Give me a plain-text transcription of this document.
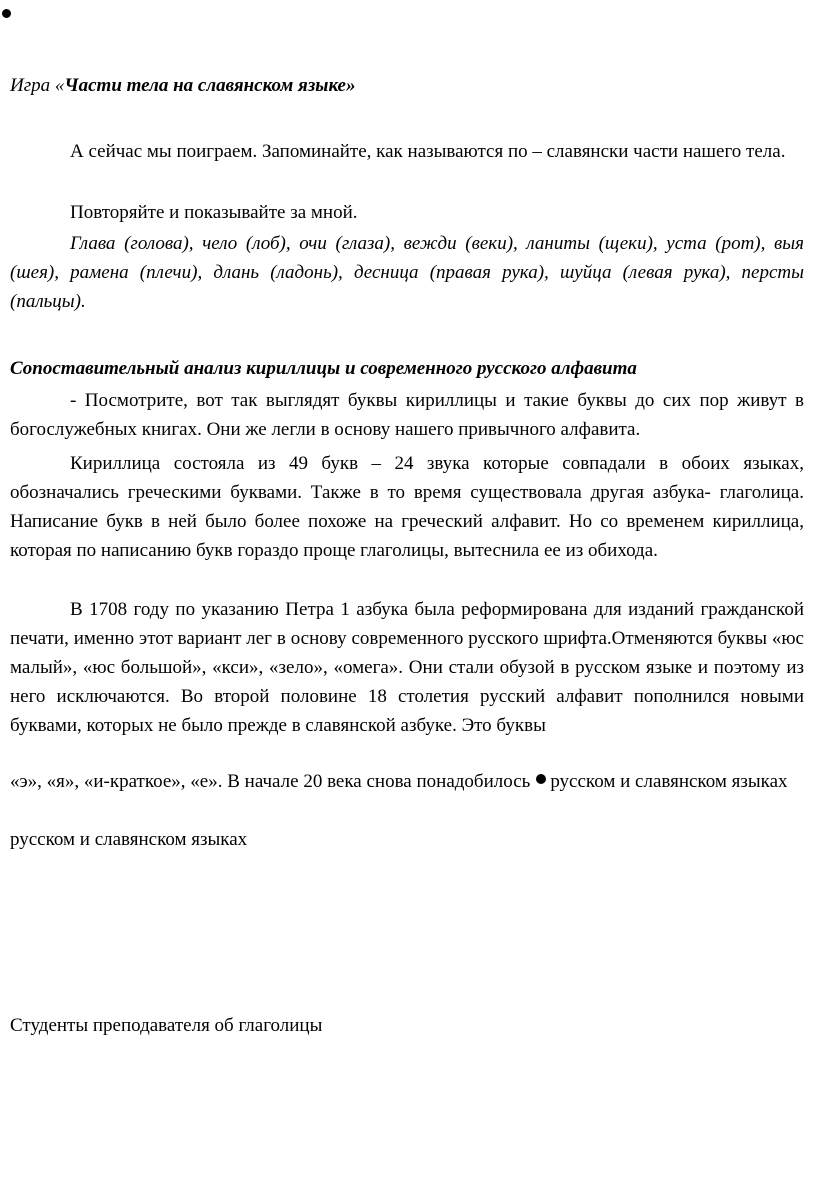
Игра «Части тела на славянском языке»

А сейчас мы поиграем. Запоминайте, как называются по – славянски части нашего тела.

Повторяйте и показывайте за мной.

Глава (голова), чело (лоб), очи (глаза), вежди (веки), ланиты (щеки), уста (рот), выя (шея), рамена (плечи), длань (ладонь), десница (правая рука), шуйца (левая рука), персты (пальцы).

Сопоставительный анализ кириллицы и современного русского алфавита

- Посмотрите, вот так выглядят буквы кириллицы и такие буквы до сих пор живут в богослужебных книгах. Они же легли в основу нашего привычного алфавита.

Кириллица состояла из 49 букв – 24 звука которые совпадали в обоих языках, обозначались греческими буквами. Также в то время существовала другая азбука- глаголица. Написание букв в ней было более похоже на греческий алфавит. Но со временем кириллица, которая по написанию букв гораздо проще глаголицы, вытеснила ее из обихода.

В 1708 году по указанию Петра 1 азбука была реформирована для изданий гражданской печати, именно этот вариант лег в основу современного русского шрифта.Отменяются буквы «юс малый», «юс большой», «кси», «зело», «омега». Они стали обузой в русском языке и поэтому из него исключаются. Во второй половине 18 столетия русский алфавит пополнился новыми буквами, которых не было прежде в славянской азбуке. Это буквы

«э», «я», «и-краткое», «е». В начале 20 века снова понадобилось русском и славянском языках

русском и славянском языках

Студенты преподавателя об глаголицы
